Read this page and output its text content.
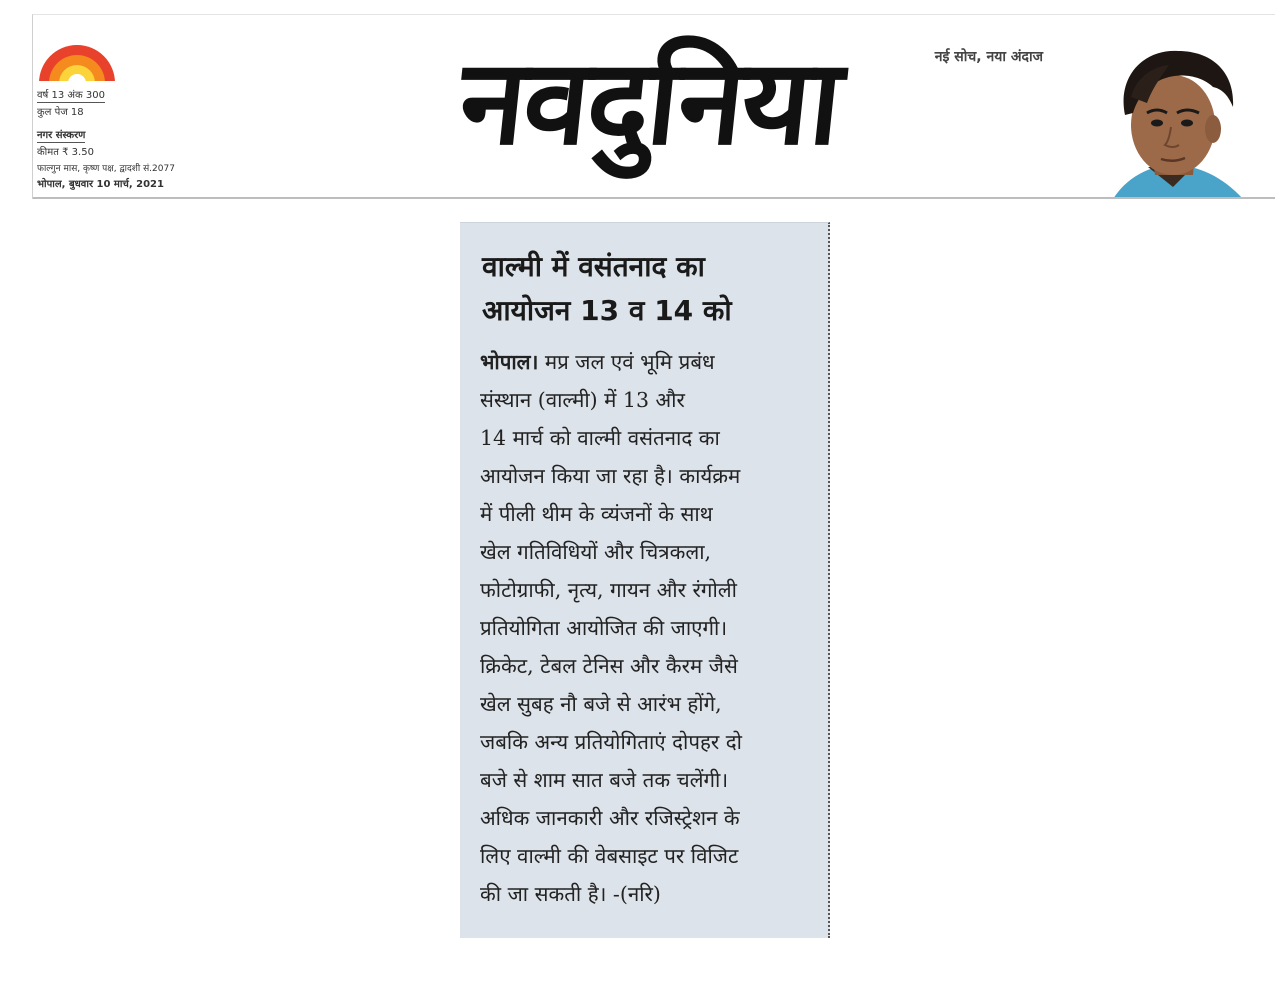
वर्ष 13 अंक 300
कुल पेज 18
नगर संस्करण
कीमत ₹ 3.50
फाल्गुन मास, कृष्ण पक्ष, द्वादशी सं.2077
भोपाल, बुधवार 10 मार्च, 2021
नवदुनिया	नई सोच, नया अंदाज
वाल्मी में वसंतनाद का
आयोजन 13 व 14 को
भोपाल। मप्र जल एवं भूमि प्रबंध
संस्थान (वाल्मी) में 13 और
14 मार्च को वाल्मी वसंतनाद का
आयोजन किया जा रहा है। कार्यक्रम
में पीली थीम के व्यंजनों के साथ
खेल गतिविधियों और चित्रकला,
फोटोग्राफी, नृत्य, गायन और रंगोली
प्रतियोगिता आयोजित की जाएगी।
क्रिकेट, टेबल टेनिस और कैरम जैसे
खेल सुबह नौ बजे से आरंभ होंगे,
जबकि अन्य प्रतियोगिताएं दोपहर दो
बजे से शाम सात बजे तक चलेंगी।
अधिक जानकारी और रजिस्ट्रेशन के
लिए वाल्मी की वेबसाइट पर विजिट
की जा सकती है। -(नरि)
